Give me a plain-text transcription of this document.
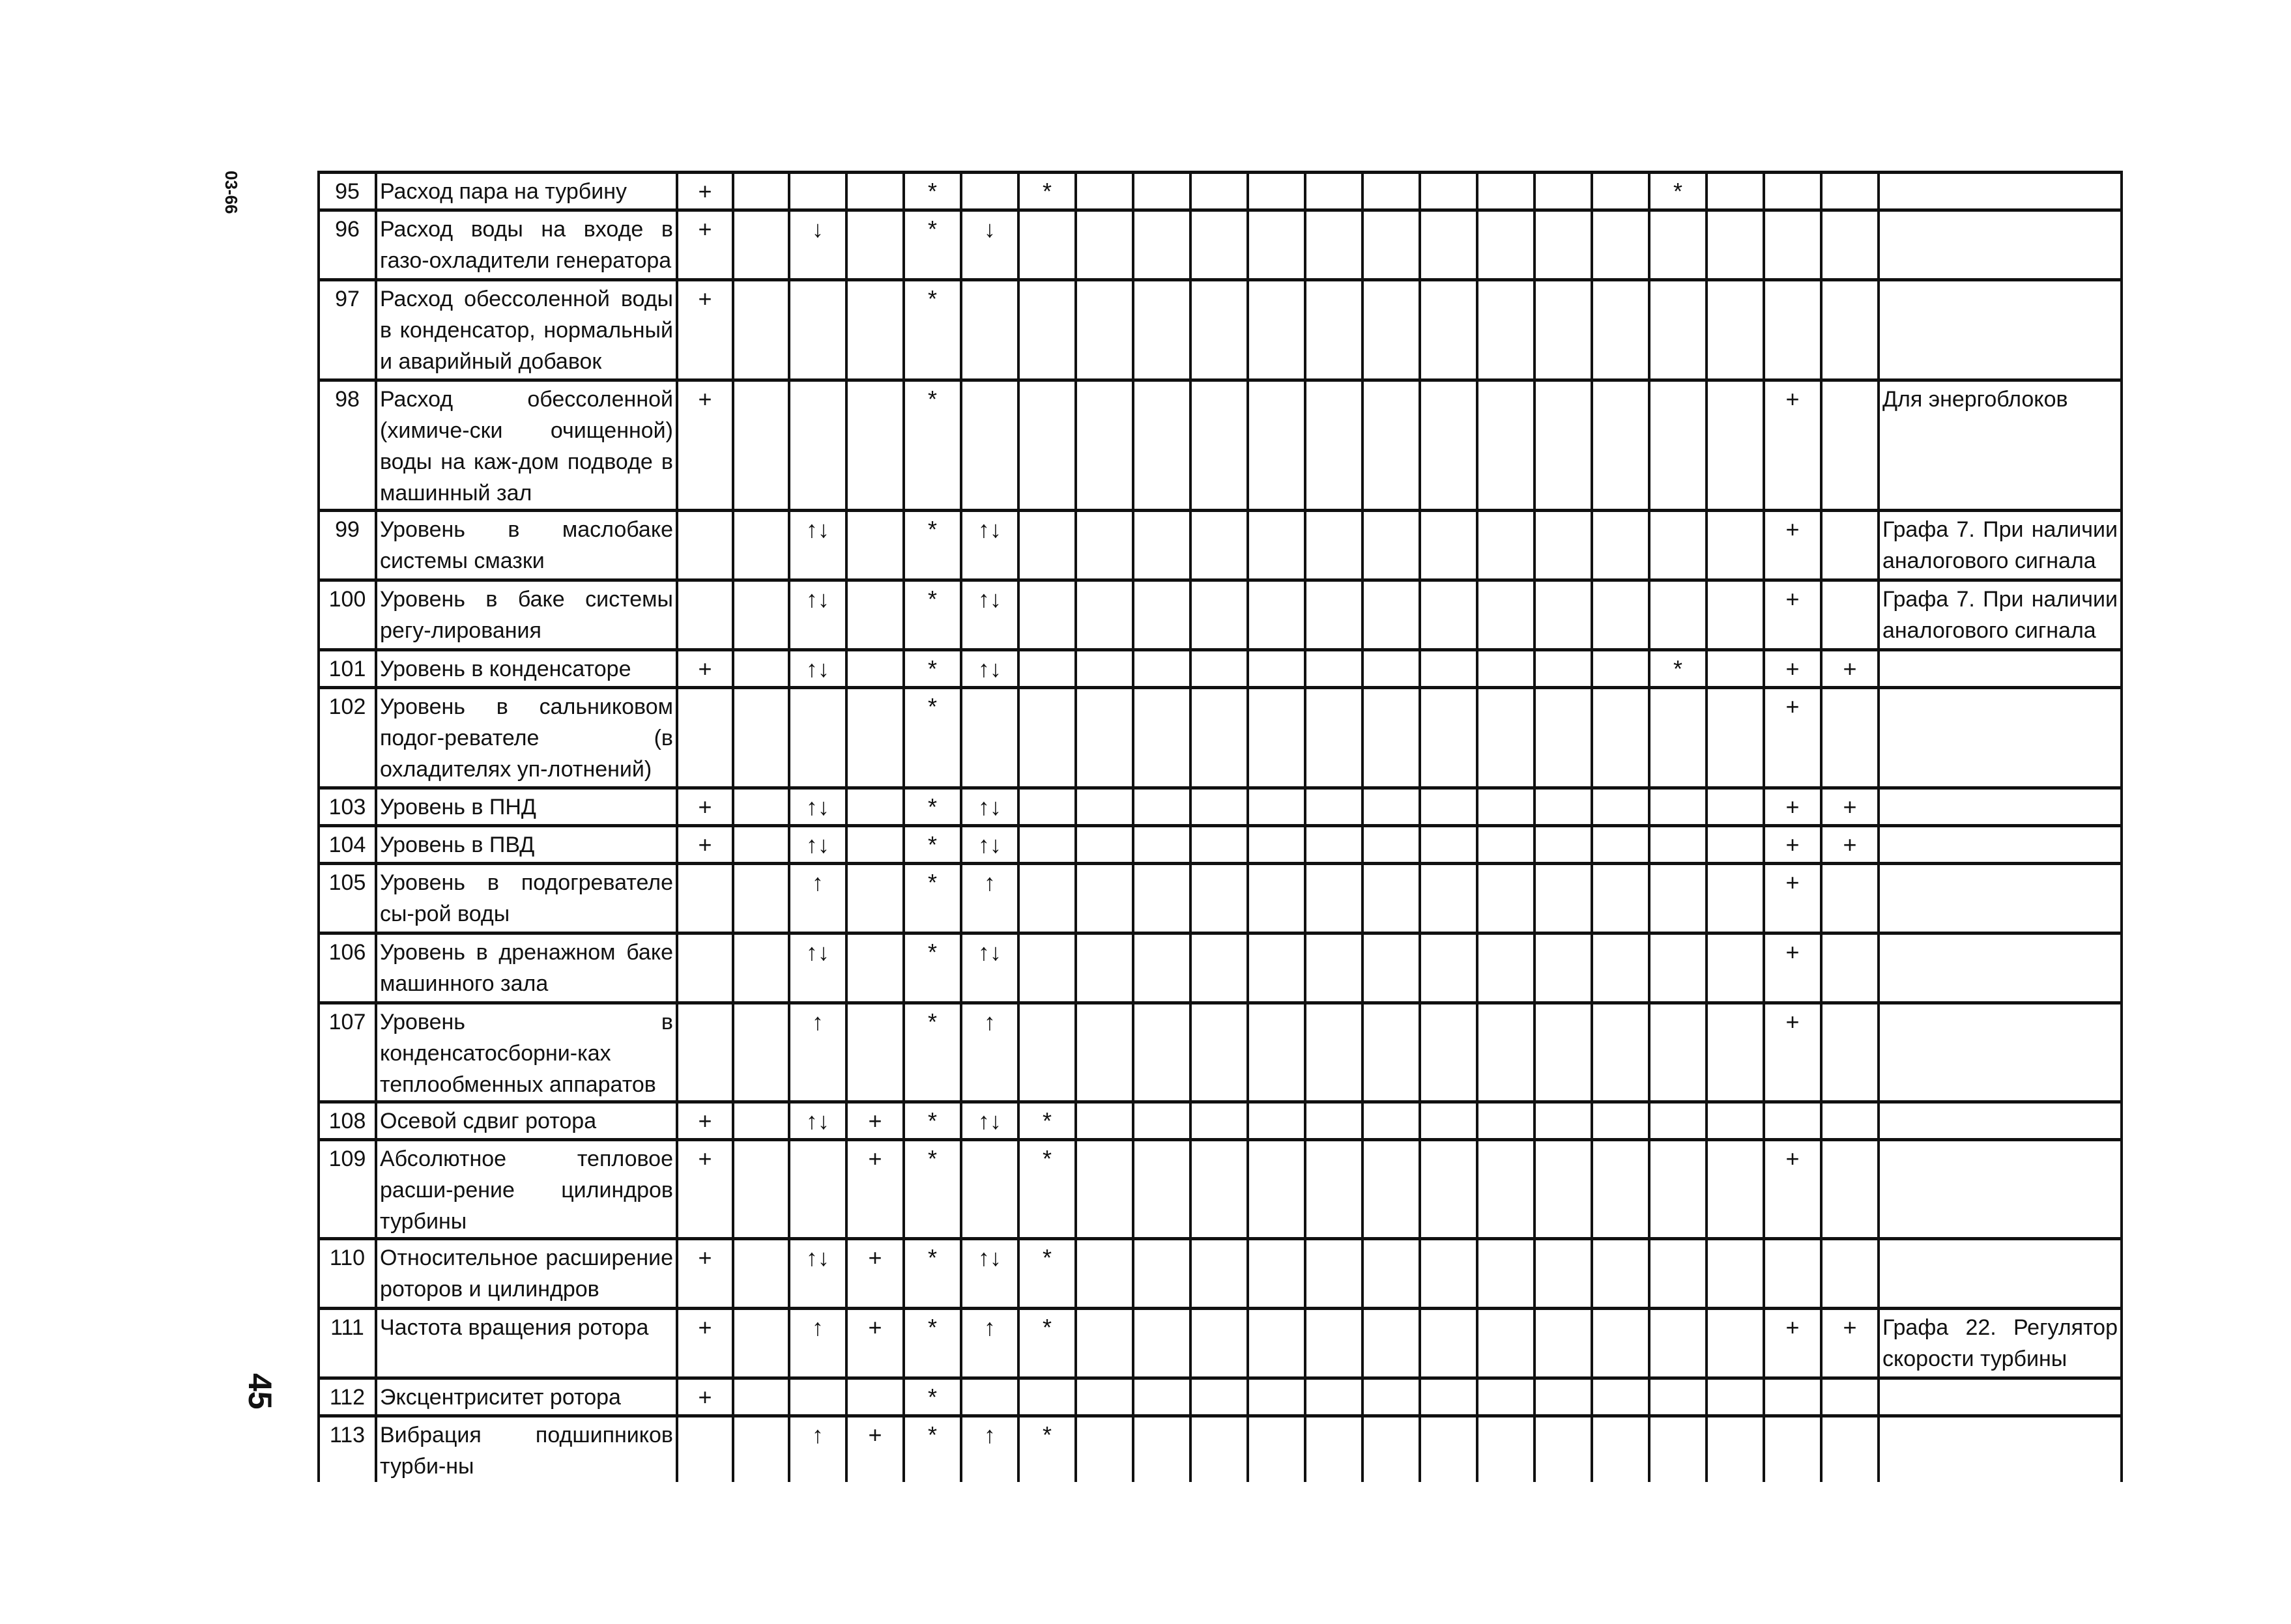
03-66
45
95	Расход пара на турбину	+				*		*											*				
96	Расход воды на входе в газо-охладители генератора	+		↓		*	↓																
97	Расход обессоленной воды в конденсатор, нормальный и аварийный добавок	+				*																	
98	Расход обессоленной (химиче-ски очищенной) воды на каж-дом подводе в машинный зал	+				*															+		Для энергоблоков
99	Уровень в маслобаке системы смазки			↑↓		*	↑↓														+		Графа 7. При наличии аналогового сигнала
100	Уровень в баке системы регу-лирования			↑↓		*	↑↓														+		Графа 7. При наличии аналогового сигнала
101	Уровень в конденсаторе	+		↑↓		*	↑↓												*		+	+	
102	Уровень в сальниковом подог-ревателе (в охладителях уп-лотнений)					*															+		
103	Уровень в ПНД	+		↑↓		*	↑↓														+	+	
104	Уровень в ПВД	+		↑↓		*	↑↓														+	+	
105	Уровень в подогревателе сы-рой воды			↑		*	↑														+		
106	Уровень в дренажном баке машинного зала			↑↓		*	↑↓														+		
107	Уровень в конденсатосборни-ках теплообменных аппаратов			↑		*	↑														+		
108	Осевой сдвиг ротора	+		↑↓	+	*	↑↓	*															
109	Абсолютное тепловое расши-рение цилиндров турбины	+			+	*		*													+		
110	Относительное расширение роторов и цилиндров	+		↑↓	+	*	↑↓	*															
111	Частота вращения ротора	+		↑	+	*	↑	*													+	+	Графа 22. Регулятор скорости турбины
112	Эксцентриситет ротора	+				*																	
113	Вибрация подшипников турби-ны			↑	+	*	↑	*															
